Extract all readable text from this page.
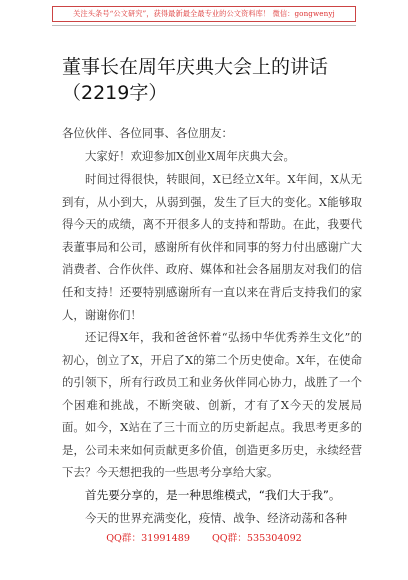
关注头条号“公文研究”，获得最新最全最专业的公文资料库！ 微信：gongwenyj
董事长在周年庆典大会上的讲话（2219字）

各位伙伴、各位同事、各位朋友：

大家好！欢迎参加X创业X周年庆典大会。

时间过得很快，转眼间，X已经立X年。X年间，X从无到有，从小到大，从弱到强，发生了巨大的变化。X能够取得今天的成绩，离不开很多人的支持和帮助。在此，我要代表董事局和公司，感谢所有伙伴和同事的努力付出感谢广大消费者、合作伙伴、政府、媒体和社会各届朋友对我们的信任和支持！还要特别感谢所有一直以来在背后支持我们的家人，谢谢你们！

还记得X年，我和爸爸怀着“弘扬中华优秀养生文化”的初心，创立了X，开启了X的第二个历史使命。X年，在使命的引领下，所有行政员工和业务伙伴同心协力，战胜了一个个困难和挑战，不断突破、创新，才有了X今天的发展局面。 如今，X站在了三十而立的历史新起点。我思考更多的是，公司未来如何贡献更多价值，创造更多历史，永续经营下去？今天想把我的一些思考分享给大家。

首先要分享的，是一种思维模式，“我们大于我”。

今天的世界充满变化，疫情、战争、经济动荡和各种

QQ群：31991489 QQ群：535304092
